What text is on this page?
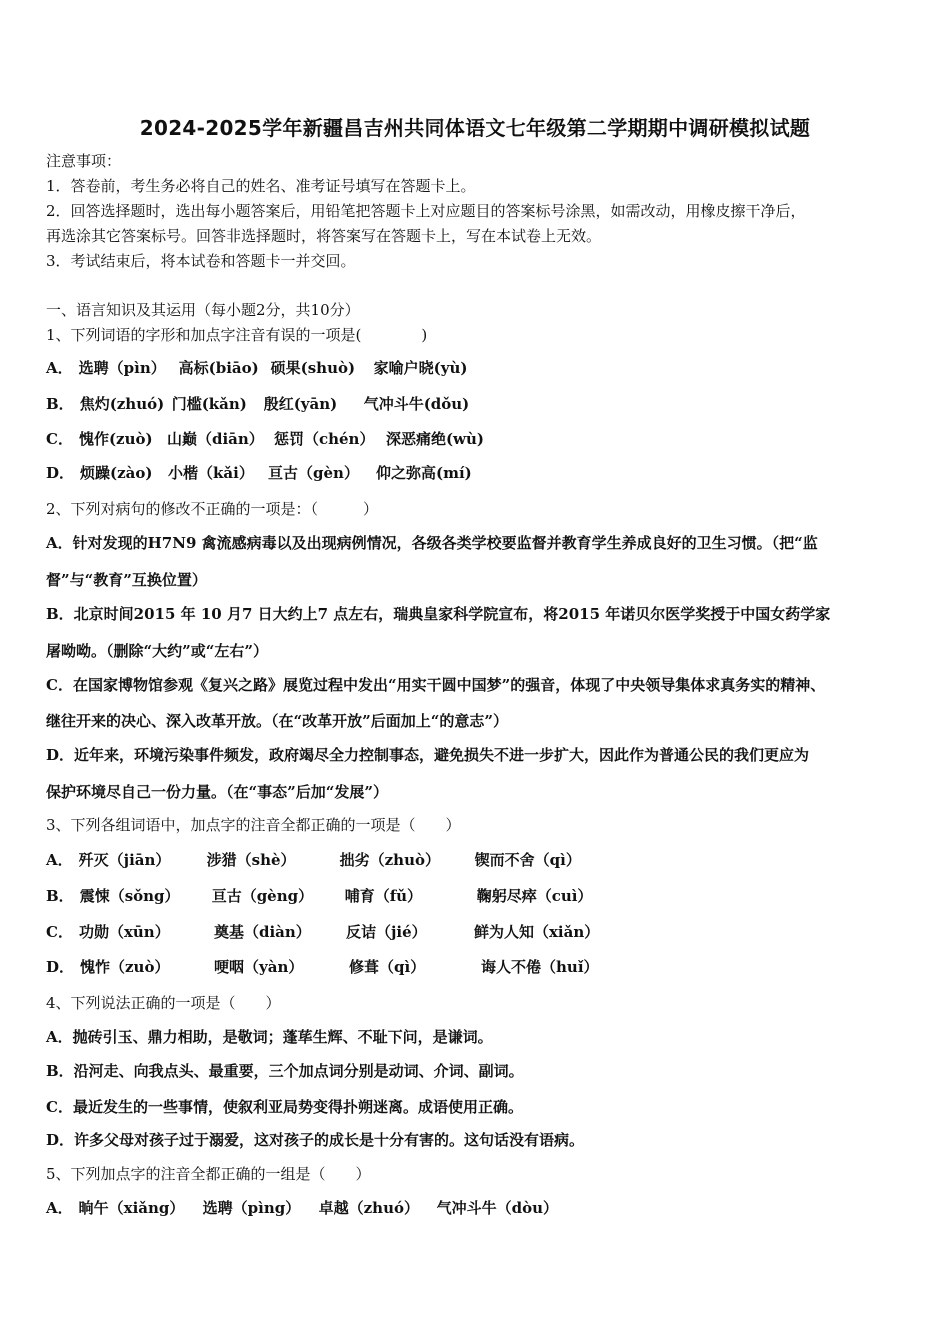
2024-2025学年新疆昌吉州共同体语文七年级第二学期期中调研模拟试题
注意事项：
1．答卷前，考生务必将自己的姓名、准考证号填写在答题卡上。
2．回答选择题时，选出每小题答案后，用铅笔把答题卡上对应题目的答案标号涂黑，如需改动，用橡皮擦干净后，
再选涂其它答案标号。回答非选择题时，将答案写在答题卡上，写在本试卷上无效。
3．考试结束后，将本试卷和答题卡一并交回。
一、语言知识及其运用（每小题2分，共10分）
1、下列词语的字形和加点字注音有误的一项是(　　　　)
A． 选聘（pìn） 高标(biāo) 硕果(shuò) 家喻户晓(yù)
B． 焦灼(zhuó) 门槛(kǎn) 殷红(yān) 气冲斗牛(dǒu)
C． 愧作(zuò) 山巅（diān） 惩罚（chén） 深恶痛绝(wù)
D． 烦躁(zào) 小楷（kǎi） 亘古（gèn） 仰之弥高(mí)
2、下列对病句的修改不正确的一项是：（　　　）
A．针对发现的H7N9 禽流感病毒以及出现病例情况，各级各类学校要监督并教育学生养成良好的卫生习惯。（把“监
督”与“教育”互换位置）
B．北京时间2015 年 10 月7 日大约上7 点左右，瑞典皇家科学院宣布，将2015 年诺贝尔医学奖授于中国女药学家
屠呦呦。（删除“大约”或“左右”）
C．在国家博物馆参观《复兴之路》展览过程中发出“用实干圆中国梦”的强音，体现了中央领导集体求真务实的精神、
继往开来的决心、深入改革开放。（在“改革开放”后面加上“的意志”）
D．近年来，环境污染事件频发，政府竭尽全力控制事态，避免损失不进一步扩大，因此作为普通公民的我们更应为
保护环境尽自己一份力量。（在“事态”后加“发展”）
3、下列各组词语中，加点字的注音全都正确的一项是（　　）
A． 歼灭（jiān） 涉猎（shè）	拙劣（zhuò） 锲而不舍（qì）
B． 震悚（sǒng） 亘古（gèng） 哺育（fǔ）	鞠躬尽瘁（cuì）
C． 功勋（xūn）	奠基（diàn） 反诘（jié）	鲜为人知（xiǎn）
D． 愧怍（zuò）	哽咽（yàn）	修葺（qì）	诲人不倦（huǐ）
4、下列说法正确的一项是（　　）
A．抛砖引玉、鼎力相助，是敬词；蓬荜生辉、不耻下问，是谦词。
B．沿河走、向我点头、最重要，三个加点词分别是动词、介词、副词。
C．最近发生的一些事情，使叙利亚局势变得扑朔迷离。成语使用正确。
D．许多父母对孩子过于溺爱，这对孩子的成长是十分有害的。这句话没有语病。
5、下列加点字的注音全都正确的一组是（　　）
A． 晌午（xiǎng） 选聘（pìng） 卓越（zhuó） 气冲斗牛（dòu）
